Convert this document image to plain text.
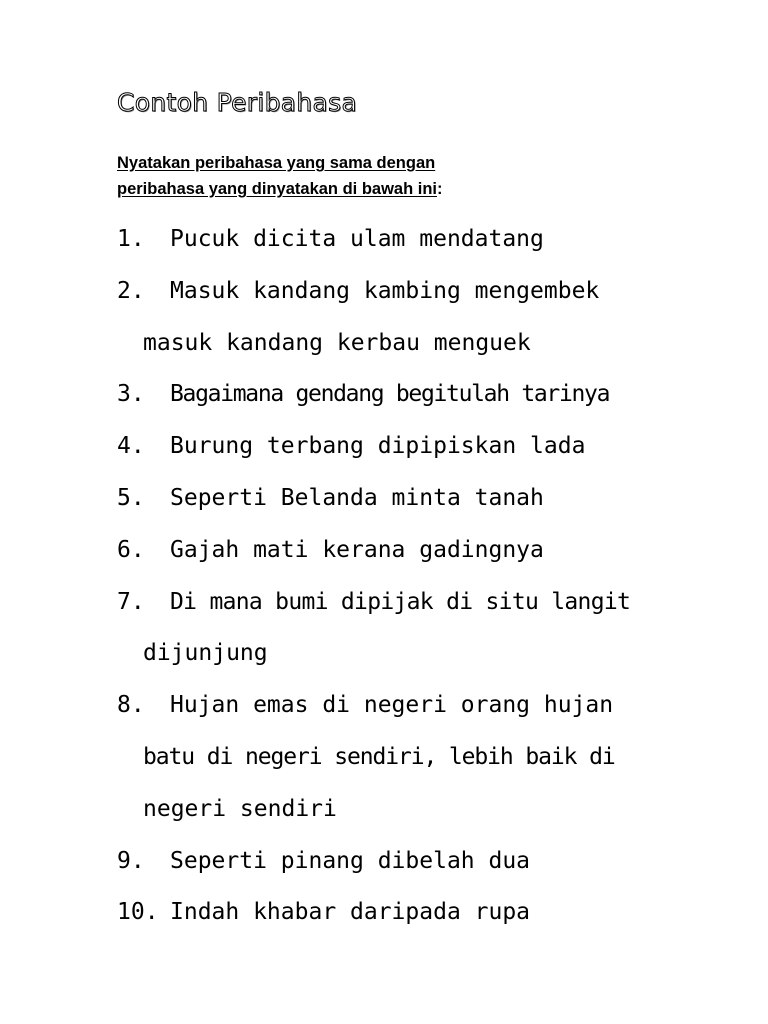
Contoh Peribahasa
Nyatakan peribahasa yang sama dengan
peribahasa yang dinyatakan di bawah ini:
1. Pucuk dicita ulam mendatang
2. Masuk kandang kambing mengembek
masuk kandang kerbau menguek
3. Bagaimana gendang begitulah tarinya
4. Burung terbang dipipiskan lada
5. Seperti Belanda minta tanah
6. Gajah mati kerana gadingnya
7. Di mana bumi dipijak di situ langit
dijunjung
8. Hujan emas di negeri orang hujan
batu di negeri sendiri, lebih baik di
negeri sendiri
9. Seperti pinang dibelah dua
10. Indah khabar daripada rupa
